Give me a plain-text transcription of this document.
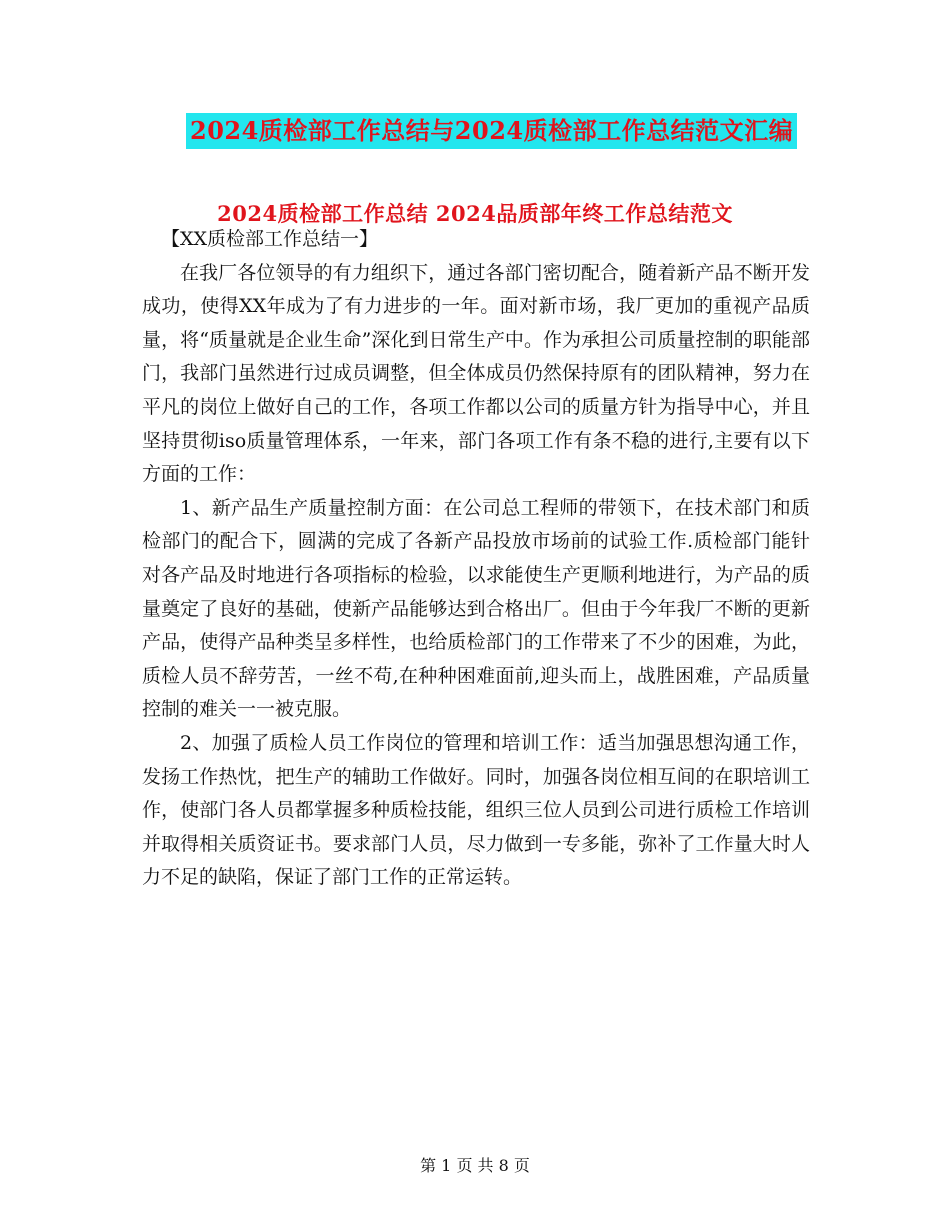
2024质检部工作总结与2024质检部工作总结范文汇编
2024质检部工作总结 2024品质部年终工作总结范文

【XX质检部工作总结一】

在我厂各位领导的有力组织下，通过各部门密切配合，随着新产品不断开发成功，使得XX年成为了有力进步的一年。面对新市场，我厂更加的重视产品质量，将“质量就是企业生命”深化到日常生产中。作为承担公司质量控制的职能部门，我部门虽然进行过成员调整，但全体成员仍然保持原有的团队精神，努力在平凡的岗位上做好自己的工作，各项工作都以公司的质量方针为指导中心，并且坚持贯彻iso质量管理体系，一年来，部门各项工作有条不稳的进行,主要有以下方面的工作：

1、新产品生产质量控制方面：在公司总工程师的带领下，在技术部门和质检部门的配合下，圆满的完成了各新产品投放市场前的试验工作.质检部门能针对各产品及时地进行各项指标的检验，以求能使生产更顺利地进行，为产品的质量奠定了良好的基础，使新产品能够达到合格出厂。但由于今年我厂不断的更新产品，使得产品种类呈多样性，也给质检部门的工作带来了不少的困难，为此，质检人员不辞劳苦，一丝不苟,在种种困难面前,迎头而上，战胜困难，产品质量控制的难关一一被克服。

2、加强了质检人员工作岗位的管理和培训工作：适当加强思想沟通工作，发扬工作热忱，把生产的辅助工作做好。同时，加强各岗位相互间的在职培训工作，使部门各人员都掌握多种质检技能，组织三位人员到公司进行质检工作培训并取得相关质资证书。要求部门人员，尽力做到一专多能，弥补了工作量大时人力不足的缺陷，保证了部门工作的正常运转。

第 1 页 共 8 页
